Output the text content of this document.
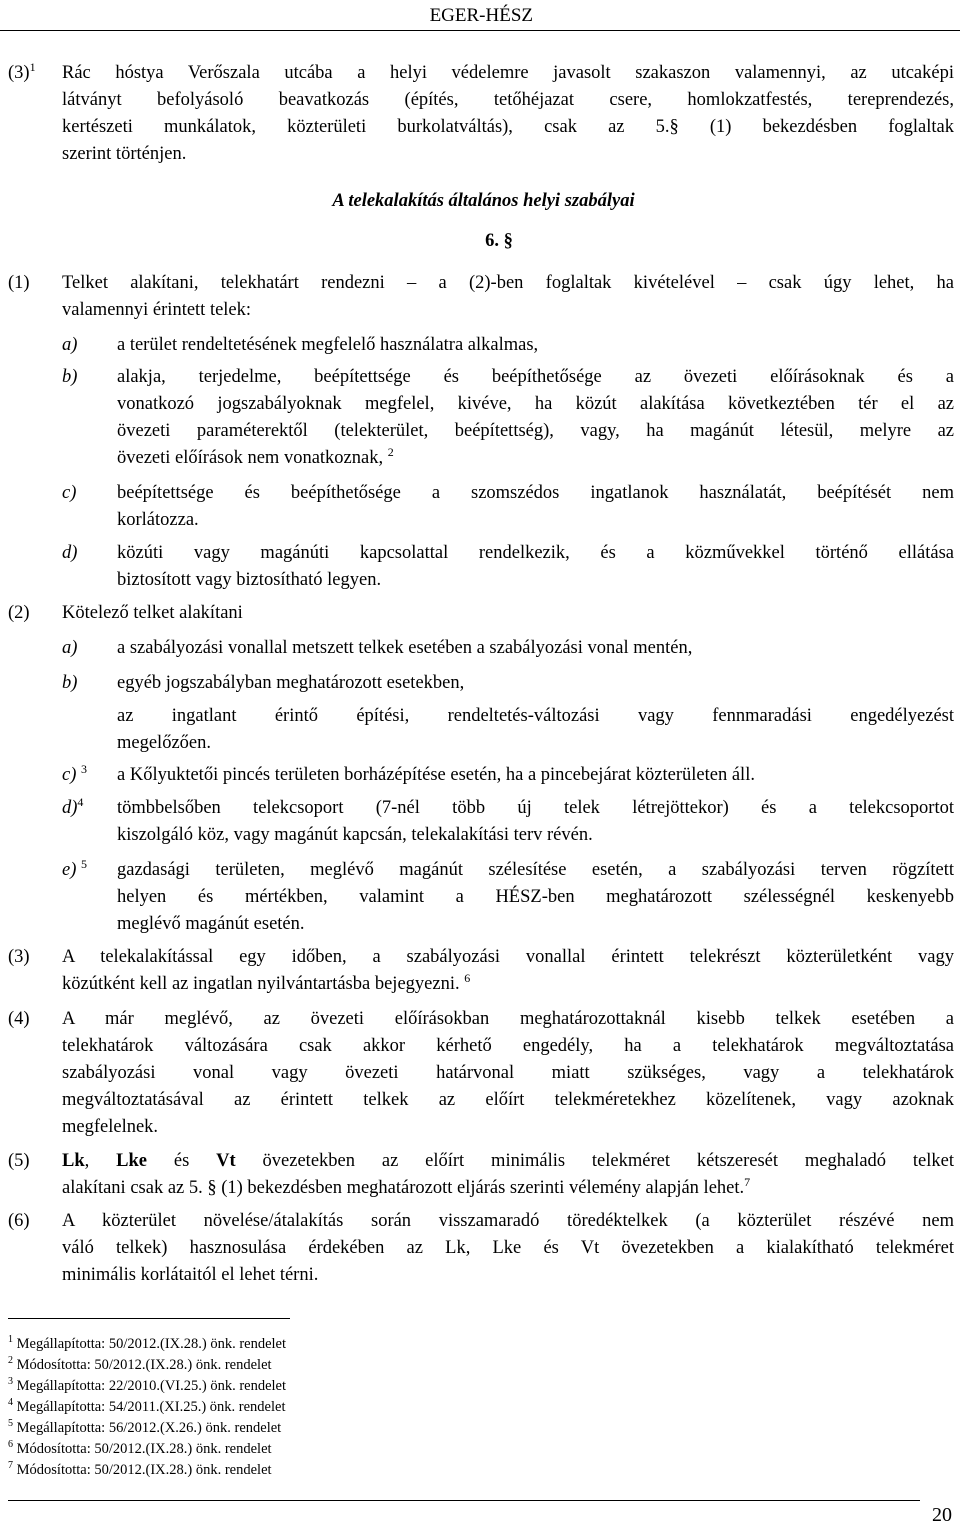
EGER-HÉSZ
$(3)^1$ Rác hóstya Verőszala utcába a helyi védelemre javasolt szakaszon valamennyi, az utcaképi
látványt befolyásoló beavatkozás (építés, tetőhéjazat csere, homlokzatfestés, tereprendezés,
kertészeti munkálatok, közterületi burkolatváltás), csak az 5.§ (1) bekezdésben foglaltak
szerint történjen.
A telekalakítás általános helyi szabályai
6. §
(1) Telket alakítani, telekhatárt rendezni – a (2)-ben foglaltak kivételével – csak úgy lehet, ha
valamennyi érintett telek:
a) a terület rendeltetésének megfelelő használatra alkalmas,
b) alakja, terjedelme, beépítettsége és beépíthetősége az övezeti előírásoknak és a
vonatkozó jogszabályoknak megfelel, kivéve, ha közút alakítása következtében tér el az
övezeti paraméterektől (telekterület, beépítettség), vagy, ha magánút létesül, melyre az
övezeti előírások nem vonatkoznak, $^2$
c) beépítettsége és beépíthetősége a szomszédos ingatlanok használatát, beépítését nem
korlátozza.
d) közúti vagy magánúti kapcsolattal rendelkezik, és a közművekkel történő ellátása
biztosított vagy biztosítható legyen.
(2) Kötelező telket alakítani
a) a szabályozási vonallal metszett telkek esetében a szabályozási vonal mentén,
b) egyéb jogszabályban meghatározott esetekben,
az ingatlant érintő építési, rendeltetés-változási vagy fennmaradási engedélyezést
megelőzően.
c) $^3$ a Kőlyuktetői pincés területen borházépítése esetén, ha a pincebejárat közterületen áll.
d)$^4$ tömbbelsőben telekcsoport (7-nél több új telek létrejöttekor) és a telekcsoportot
kiszolgáló köz, vagy magánút kapcsán, telekalakítási terv révén.
e) $^5$ gazdasági területen, meglévő magánút szélesítése esetén, a szabályozási terven rögzített
helyen és mértékben, valamint a HÉSZ-ben meghatározott szélességnél keskenyebb
meglévő magánút esetén.
(3) A telekalakítással egy időben, a szabályozási vonallal érintett telekrészt közterületként vagy
közútként kell az ingatlan nyilvántartásba bejegyezni. $^6$
(4) A már meglévő, az övezeti előírásokban meghatározottaknál kisebb telkek esetében a
telekhatárok változására csak akkor kérhető engedély, ha a telekhatárok megváltoztatása
szabályozási vonal vagy övezeti határvonal miatt szükséges, vagy a telekhatárok
megváltoztatásával az érintett telkek az előírt telekméretekhez közelítenek, vagy azoknak
megfelelnek.
(5) Lk, Lke és Vt övezetekben az előírt minimális telekméret kétszeresét meghaladó telket
alakítani csak az 5. § (1) bekezdésben meghatározott eljárás szerinti vélemény alapján lehet.$^7$
(6) A közterület növelése/átalakítás során visszamaradó töredéktelkek (a közterület részévé nem
váló telkek) hasznosulása érdekében az Lk, Lke és Vt övezetekben a kialakítható telekméret
minimális korlátaitól el lehet térni.
$^1$ Megállapította: 50/2012.(IX.28.) önk. rendelet
$^2$ Módosította: 50/2012.(IX.28.) önk. rendelet
$^3$ Megállapította: 22/2010.(VI.25.) önk. rendelet
$^4$ Megállapította: 54/2011.(XI.25.) önk. rendelet
$^5$ Megállapította: 56/2012.(X.26.) önk. rendelet
$^6$ Módosította: 50/2012.(IX.28.) önk. rendelet
$^7$ Módosította: 50/2012.(IX.28.) önk. rendelet
20
